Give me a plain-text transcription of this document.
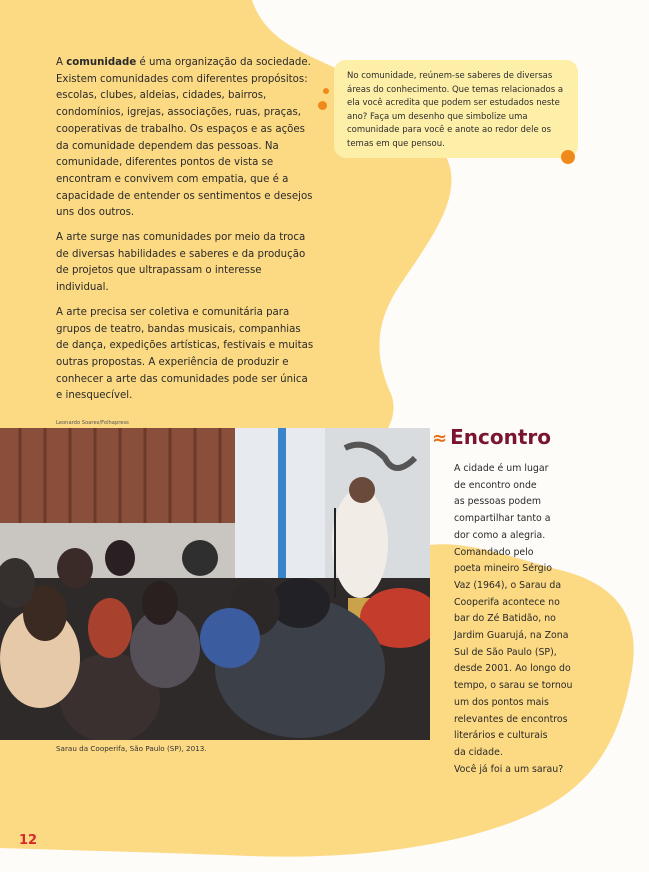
A comunidade é uma organização da sociedade. Existem comunidades com diferentes propósitos: escolas, clubes, aldeias, cidades, bairros, condomínios, igrejas, associações, ruas, praças, cooperativas de trabalho. Os espaços e as ações da comunidade dependem das pessoas. Na comunidade, diferentes pontos de vista se encontram e convivem com empatia, que é a capacidade de entender os sentimentos e desejos uns dos outros.

A arte surge nas comunidades por meio da troca de diversas habilidades e saberes e da produção de projetos que ultrapassam o interesse individual.

A arte precisa ser coletiva e comunitária para grupos de teatro, bandas musicais, companhias de dança, expedições artísticas, festivais e muitas outras propostas. A experiência de produzir e conhecer a arte das comunidades pode ser única e inesquecível.

No comunidade, reúnem-se saberes de diversas áreas do conhecimento. Que temas relacionados a ela você acredita que podem ser estudados neste ano? Faça um desenho que simbolize uma comunidade para você e anote ao redor dele os temas em que pensou.
Leonardo Soares/Folhapress
Sarau da Cooperifa, São Paulo (SP), 2013.
≈ Encontro
A cidade é um lugar
de encontro onde
as pessoas podem
compartilhar tanto a
dor como a alegria.
Comandado pelo
poeta mineiro Sérgio
Vaz (1964), o Sarau da
Cooperifa acontece no
bar do Zé Batidão, no
Jardim Guarujá, na Zona
Sul de São Paulo (SP),
desde 2001. Ao longo do
tempo, o sarau se tornou
um dos pontos mais
relevantes de encontros
literários e culturais
da cidade.
Você já foi a um sarau?
12
